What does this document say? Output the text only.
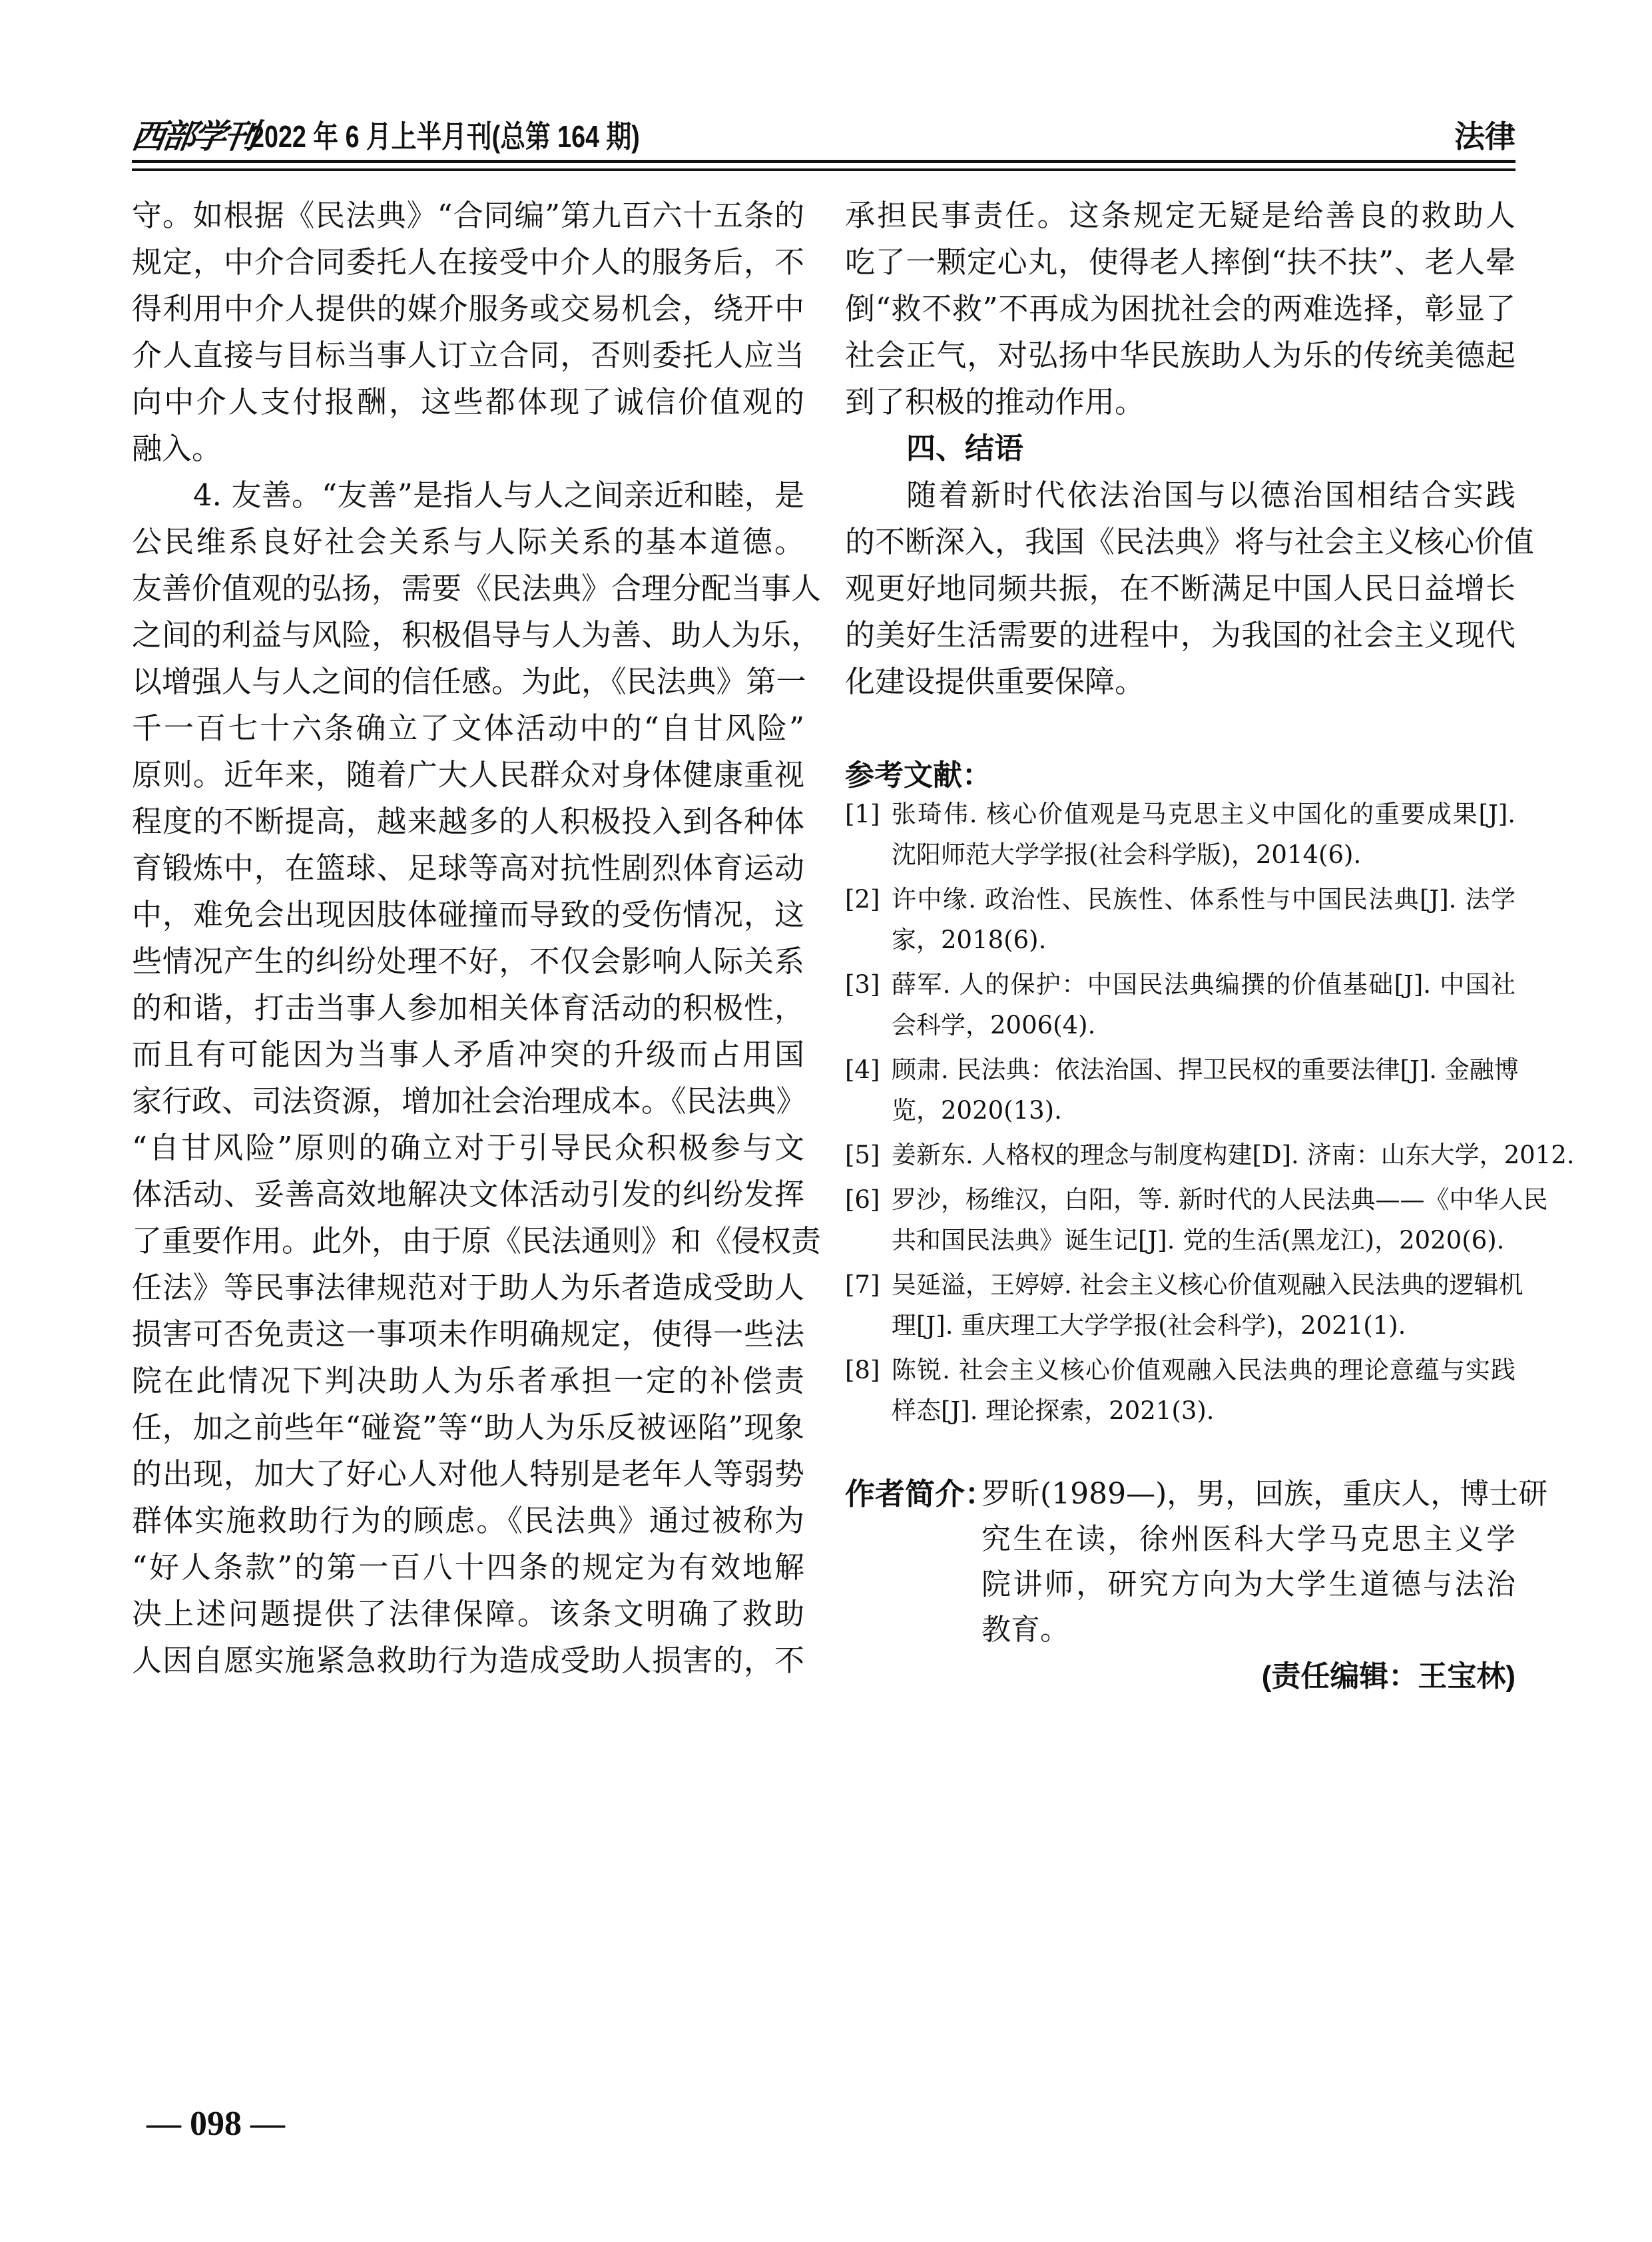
西部学刊
2022 年 6 月上半月刊(总第 164 期)	法律
守。如根据《民法典》“合同编”第九百六十五条的
规定，中介合同委托人在接受中介人的服务后，不
得利用中介人提供的媒介服务或交易机会，绕开中
介人直接与目标当事人订立合同，否则委托人应当
向中介人支付报酬，这些都体现了诚信价值观的
融入。
4. 友善。“友善”是指人与人之间亲近和睦，是
公民维系良好社会关系与人际关系的基本道德。
友善价值观的弘扬，需要《民法典》合理分配当事人
之间的利益与风险，积极倡导与人为善、助人为乐，
以增强人与人之间的信任感。为此，《民法典》第一
千一百七十六条确立了文体活动中的“自甘风险”
原则。近年来，随着广大人民群众对身体健康重视
程度的不断提高，越来越多的人积极投入到各种体
育锻炼中，在篮球、足球等高对抗性剧烈体育运动
中，难免会出现因肢体碰撞而导致的受伤情况，这
些情况产生的纠纷处理不好，不仅会影响人际关系
的和谐，打击当事人参加相关体育活动的积极性，
而且有可能因为当事人矛盾冲突的升级而占用国
家行政、司法资源，增加社会治理成本。《民法典》
“自甘风险”原则的确立对于引导民众积极参与文
体活动、妥善高效地解决文体活动引发的纠纷发挥
了重要作用。此外，由于原《民法通则》和《侵权责
任法》等民事法律规范对于助人为乐者造成受助人
损害可否免责这一事项未作明确规定，使得一些法
院在此情况下判决助人为乐者承担一定的补偿责
任，加之前些年“碰瓷”等“助人为乐反被诬陷”现象
的出现，加大了好心人对他人特别是老年人等弱势
群体实施救助行为的顾虑。《民法典》通过被称为
“好人条款”的第一百八十四条的规定为有效地解
决上述问题提供了法律保障。该条文明确了救助
人因自愿实施紧急救助行为造成受助人损害的，不
承担民事责任。这条规定无疑是给善良的救助人
吃了一颗定心丸，使得老人摔倒“扶不扶”、老人晕
倒“救不救”不再成为困扰社会的两难选择，彰显了
社会正气，对弘扬中华民族助人为乐的传统美德起
到了积极的推动作用。
四、结语
随着新时代依法治国与以德治国相结合实践
的不断深入，我国《民法典》将与社会主义核心价值
观更好地同频共振，在不断满足中国人民日益增长
的美好生活需要的进程中，为我国的社会主义现代
化建设提供重要保障。
参考文献：
[1] 张琦伟. 核心价值观是马克思主义中国化的重要成果[J].
沈阳师范大学学报(社会科学版)，2014(6).
[2] 许中缘. 政治性、民族性、体系性与中国民法典[J]. 法学
家，2018(6).
[3] 薛军. 人的保护：中国民法典编撰的价值基础[J]. 中国社
会科学，2006(4).
[4] 顾肃. 民法典：依法治国、捍卫民权的重要法律[J]. 金融博
览，2020(13).
[5] 姜新东. 人格权的理念与制度构建[D]. 济南：山东大学，2012.
[6] 罗沙，杨维汉，白阳，等. 新时代的人民法典——《中华人民
共和国民法典》诞生记[J]. 党的生活(黑龙江)，2020(6).
[7] 吴延溢，王婷婷. 社会主义核心价值观融入民法典的逻辑机
理[J]. 重庆理工大学学报(社会科学)，2021(1).
[8] 陈锐. 社会主义核心价值观融入民法典的理论意蕴与实践
样态[J]. 理论探索，2021(3).
作者简介：
罗昕(1989—)，男，回族，重庆人，博士研
究生在读，徐州医科大学马克思主义学
院讲师，研究方向为大学生道德与法治
教育。
(责任编辑：王宝林)
— 098 —
